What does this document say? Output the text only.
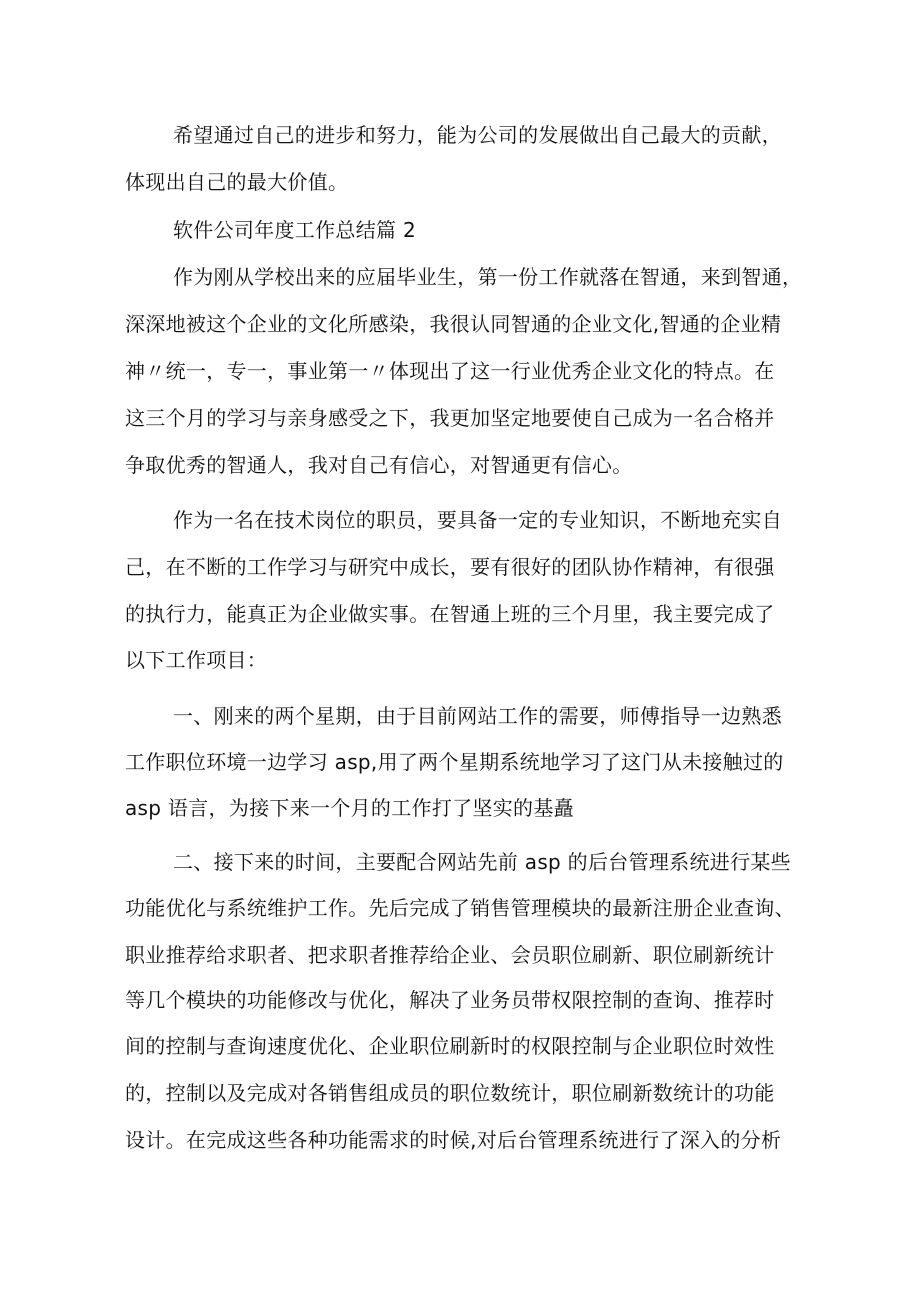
希望通过自己的进步和努力，能为公司的发展做出自己最大的贡献，
体现出自己的最大价值。
软件公司年度工作总结篇 2
作为刚从学校出来的应届毕业生，第一份工作就落在智通，来到智通，
深深地被这个企业的文化所感染，我很认同智通的企业文化,智通的企业精
神〃统一，专一，事业第一〃体现出了这一行业优秀企业文化的特点。在
这三个月的学习与亲身感受之下，我更加坚定地要使自己成为一名合格并
争取优秀的智通人，我对自己有信心，对智通更有信心。
作为一名在技术岗位的职员，要具备一定的专业知识，不断地充实自
己，在不断的工作学习与研究中成长，要有很好的团队协作精神，有很强
的执行力，能真正为企业做实事。在智通上班的三个月里，我主要完成了
以下工作项目：
一、刚来的两个星期，由于目前网站工作的需要，师傅指导一边熟悉
工作职位环境一边学习 asp,用了两个星期系统地学习了这门从未接触过的
asp 语言，为接下来一个月的工作打了坚实的基矗
二、接下来的时间，主要配合网站先前 asp 的后台管理系统进行某些
功能优化与系统维护工作。先后完成了销售管理模块的最新注册企业查询、
职业推荐给求职者、把求职者推荐给企业、会员职位刷新、职位刷新统计
等几个模块的功能修改与优化，解决了业务员带权限控制的查询、推荐时
间的控制与查询速度优化、企业职位刷新时的权限控制与企业职位时效性
的，控制以及完成对各销售组成员的职位数统计，职位刷新数统计的功能
设计。在完成这些各种功能需求的时候,对后台管理系统进行了深入的分析
